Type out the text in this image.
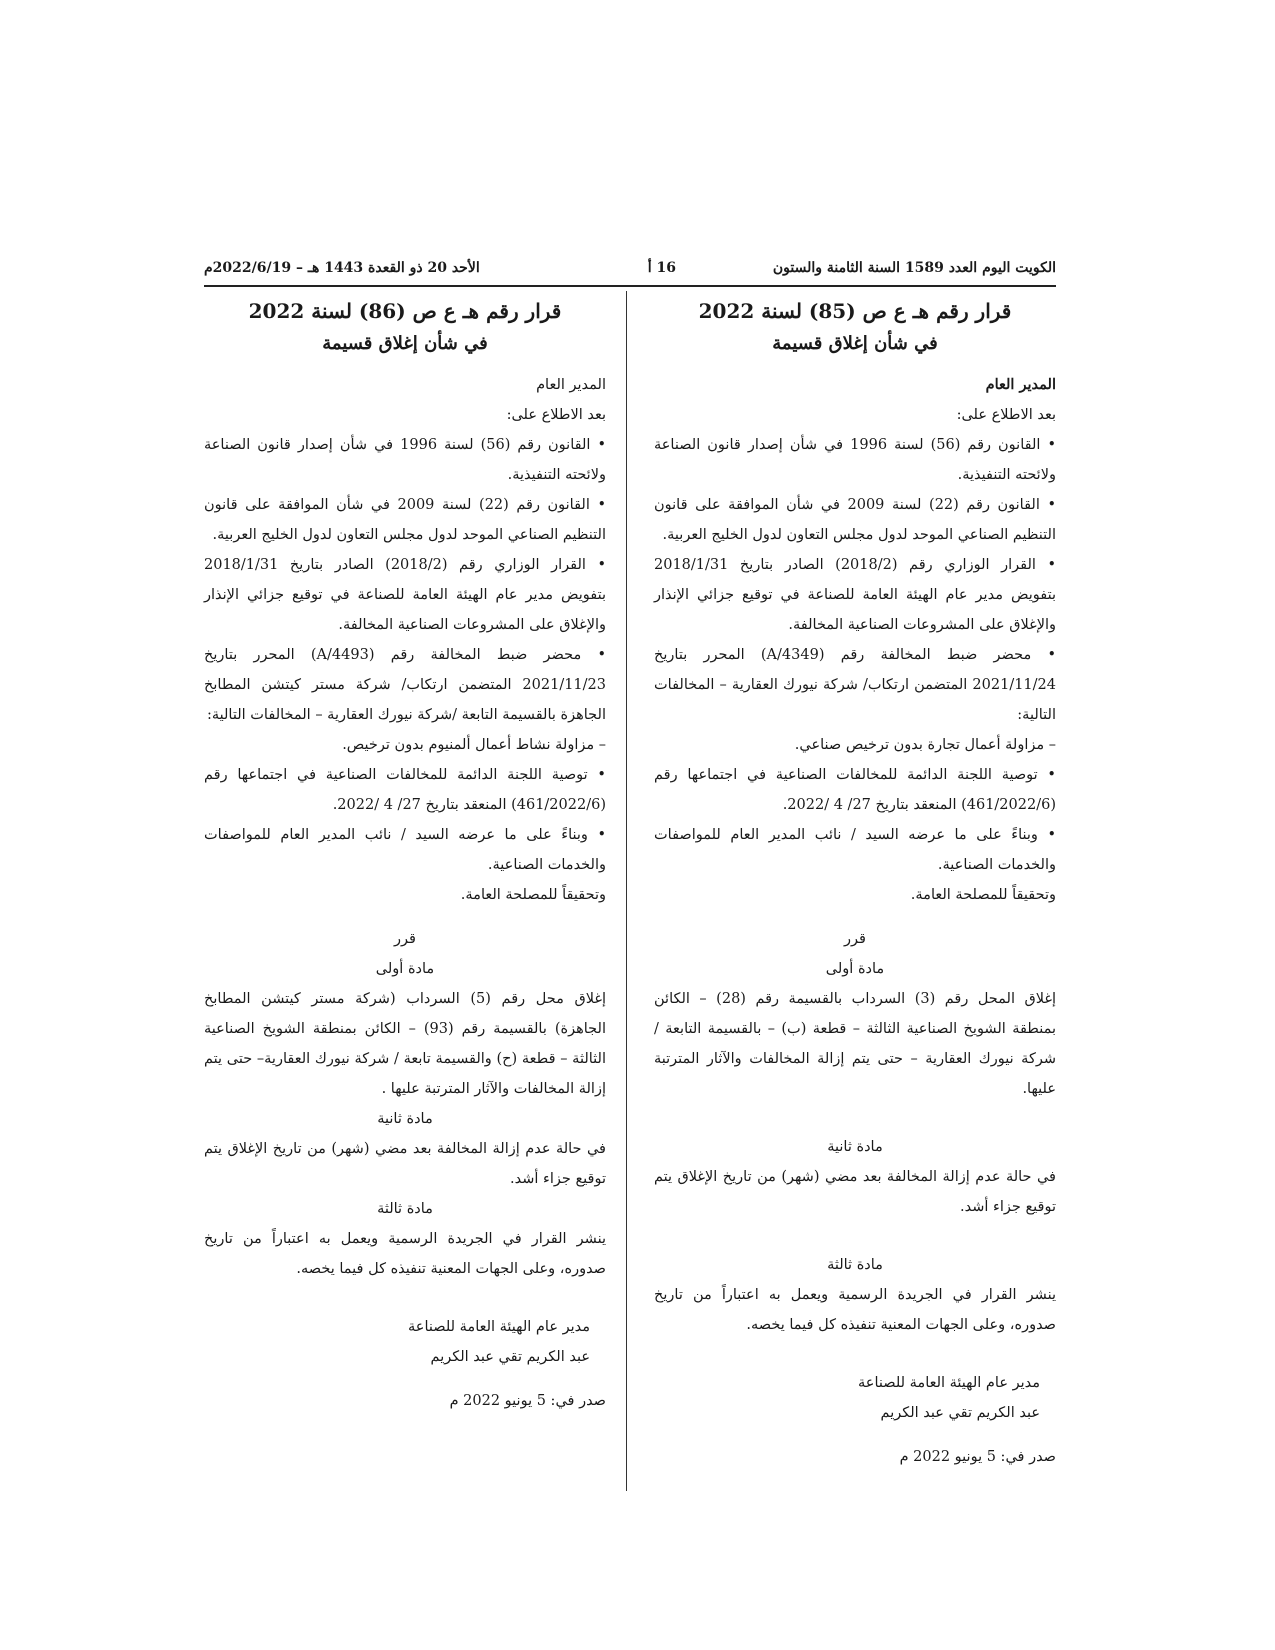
الكويت اليوم العدد 1589 السنة الثامنة والستون
16 أ
الأحد 20 ذو القعدة 1443 هـ – 2022/6/19م

قرار رقم هـ ع ص (85) لسنة 2022

في شأن إغلاق قسيمة

المدير العام

بعد الاطلاع على:

• القانون رقم (56) لسنة 1996 في شأن إصدار قانون الصناعة ولائحته التنفيذية.

• القانون رقم (22) لسنة 2009 في شأن الموافقة على قانون التنظيم الصناعي الموحد لدول مجلس التعاون لدول الخليج العربية.

• القرار الوزاري رقم (2018/2) الصادر بتاريخ 2018/1/31 بتفويض مدير عام الهيئة العامة للصناعة في توقيع جزائي الإنذار والإغلاق على المشروعات الصناعية المخالفة.

• محضر ضبط المخالفة رقم (4349/A) المحرر بتاريخ 2021/11/24 المتضمن ارتكاب/ شركة نيورك العقارية – المخالفات التالية:

– مزاولة أعمال تجارة بدون ترخيص صناعي.

• توصية اللجنة الدائمة للمخالفات الصناعية في اجتماعها رقم (461/2022/6) المنعقد بتاريخ 27/ 4 /2022.

• وبناءً على ما عرضه السيد / نائب المدير العام للمواصفات والخدمات الصناعية.

وتحقيقاً للمصلحة العامة.

قرر

مادة أولى

إغلاق المحل رقم (3) السرداب بالقسيمة رقم (28) – الكائن بمنطقة الشويخ الصناعية الثالثة – قطعة (ب) – بالقسيمة التابعة / شركة نيورك العقارية – حتى يتم إزالة المخالفات والآثار المترتبة عليها.

مادة ثانية

في حالة عدم إزالة المخالفة بعد مضي (شهر) من تاريخ الإغلاق يتم توقيع جزاء أشد.

مادة ثالثة

ينشر القرار في الجريدة الرسمية ويعمل به اعتباراً من تاريخ صدوره، وعلى الجهات المعنية تنفيذه كل فيما يخصه.

مدير عام الهيئة العامة للصناعة

عبد الكريم تقي عبد الكريم

صدر في: 5 يونيو 2022 م

قرار رقم هـ ع ص (86) لسنة 2022

في شأن إغلاق قسيمة

المدير العام

بعد الاطلاع على:

• القانون رقم (56) لسنة 1996 في شأن إصدار قانون الصناعة ولائحته التنفيذية.

• القانون رقم (22) لسنة 2009 في شأن الموافقة على قانون التنظيم الصناعي الموحد لدول مجلس التعاون لدول الخليج العربية.

• القرار الوزاري رقم (2018/2) الصادر بتاريخ 2018/1/31 بتفويض مدير عام الهيئة العامة للصناعة في توقيع جزائي الإنذار والإغلاق على المشروعات الصناعية المخالفة.

• محضر ضبط المخالفة رقم (4493/A) المحرر بتاريخ 2021/11/23 المتضمن ارتكاب/ شركة مستر كيتشن المطابخ الجاهزة بالقسيمة التابعة /شركة نيورك العقارية – المخالفات التالية:

– مزاولة نشاط أعمال ألمنيوم بدون ترخيص.

• توصية اللجنة الدائمة للمخالفات الصناعية في اجتماعها رقم (461/2022/6) المنعقد بتاريخ 27/ 4 /2022.

• وبناءً على ما عرضه السيد / نائب المدير العام للمواصفات والخدمات الصناعية.

وتحقيقاً للمصلحة العامة.

قرر

مادة أولى

إغلاق محل رقم (5) السرداب (شركة مستر كيتشن المطابخ الجاهزة) بالقسيمة رقم (93) – الكائن بمنطقة الشويخ الصناعية الثالثة – قطعة (ح) والقسيمة تابعة / شركة نيورك العقارية– حتى يتم إزالة المخالفات والآثار المترتبة عليها .

مادة ثانية

في حالة عدم إزالة المخالفة بعد مضي (شهر) من تاريخ الإغلاق يتم توقيع جزاء أشد.

مادة ثالثة

ينشر القرار في الجريدة الرسمية ويعمل به اعتباراً من تاريخ صدوره، وعلى الجهات المعنية تنفيذه كل فيما يخصه.

مدير عام الهيئة العامة للصناعة

عبد الكريم تقي عبد الكريم

صدر في: 5 يونيو 2022 م
